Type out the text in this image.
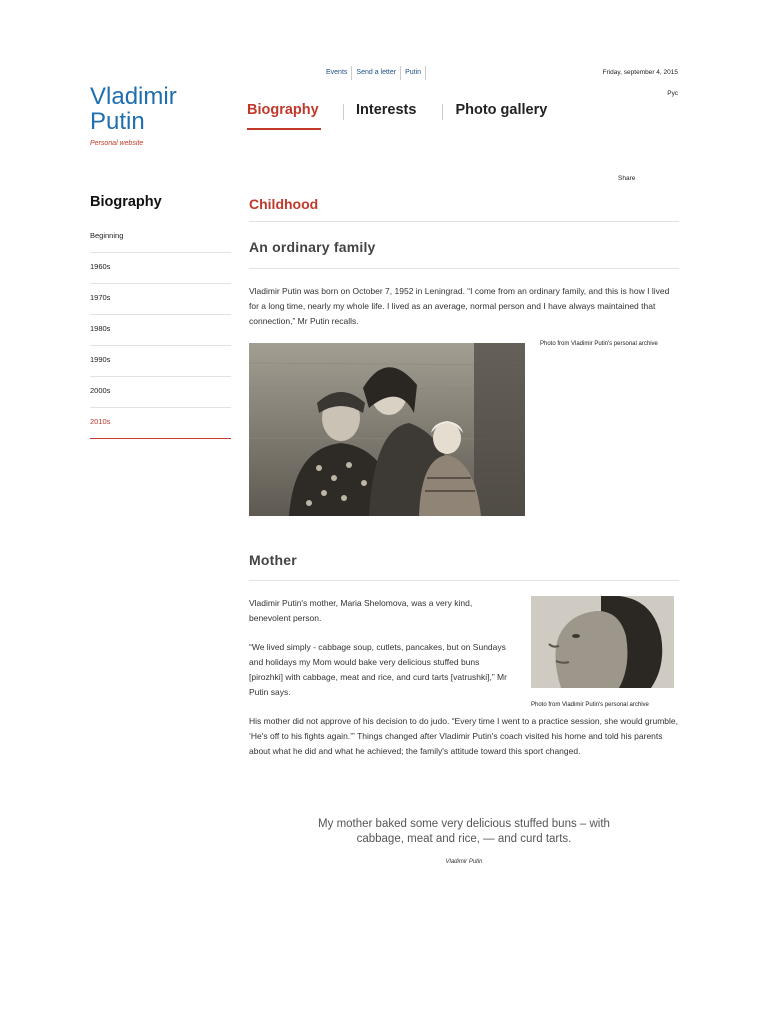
Vladimir Putin
Personal website
Events	Send a letter	Putin	Friday, september 4, 2015
Рус
Biography	Interests	Photo gallery
Biography
Beginning
1960s
1970s
1980s
1990s
2000s
2010s
Share
Childhood
An ordinary family
Vladimir Putin was born on October 7, 1952 in Leningrad. “I come from an ordinary family, and this is how I lived for a long time, nearly my whole life. I lived as an average, normal person and I have always maintained that connection,” Mr Putin recalls.
Photo from Vladimir Putin's personal archive
Mother
Vladimir Putin's mother, Maria Shelomova, was a very kind, benevolent person.
“We lived simply - cabbage soup, cutlets, pancakes, but on Sundays and holidays my Mom would bake very delicious stuffed buns [pirozhki] with cabbage, meat and rice, and curd tarts [vatrushki],” Mr Putin says.
His mother did not approve of his decision to do judo. “Every time I went to a practice session, she would grumble, ‘He's off to his fights again.’” Things changed after Vladimir Putin's coach visited his home and told his parents about what he did and what he achieved; the family's attitude toward this sport changed.
Photo from Vladimir Putin's personal archive
My mother baked some very delicious stuffed buns – with cabbage, meat and rice, — and curd tarts.
Vladimir Putin
